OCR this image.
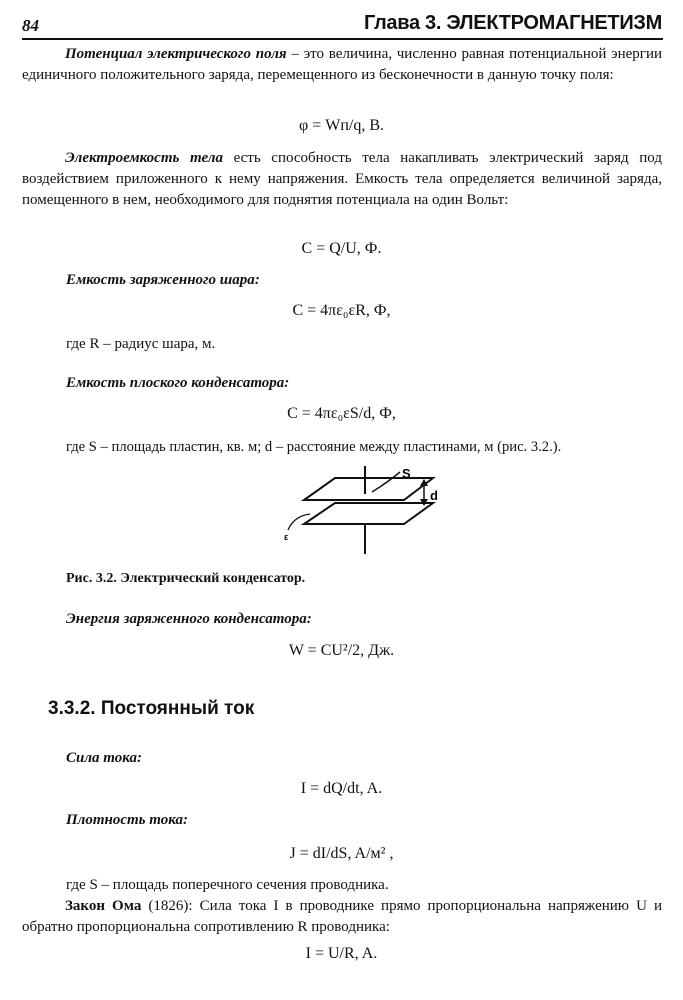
84	Глава 3. ЭЛЕКТРОМАГНЕТИЗМ

Потенциал электрического поля – это величина, численно равная потенциальной энергии единичного положительного заряда, перемещенного из бесконечности в данную точку поля:

φ = Wп/q, В.

Электроемкость тела есть способность тела накапливать электрический заряд под воздействием приложенного к нему напряжения. Емкость тела определяется величиной заряда, помещенного в нем, необходимого для поднятия потенциала на один Вольт:

C = Q/U, Ф.

Емкость заряженного шара:

C = 4πε₀εR, Ф,

где R – радиус шара, м.

Емкость плоского конденсатора:

C = 4πε₀εS/d, Ф,

где S – площадь пластин, кв. м; d – расстояние между пластинами, м (рис. 3.2.).

S
d
ε

Рис. 3.2. Электрический конденсатор.

Энергия заряженного конденсатора:

W = CU²/2, Дж.

3.3.2. Постоянный ток

Сила тока:

I = dQ/dt, A.

Плотность тока:

J = dI/dS, A/м² ,

где S – площадь поперечного сечения проводника.

Закон Ома (1826): Сила тока I в проводнике прямо пропорциональна напряжению U и обратно пропорциональна сопротивлению R проводника:

I = U/R, A.
